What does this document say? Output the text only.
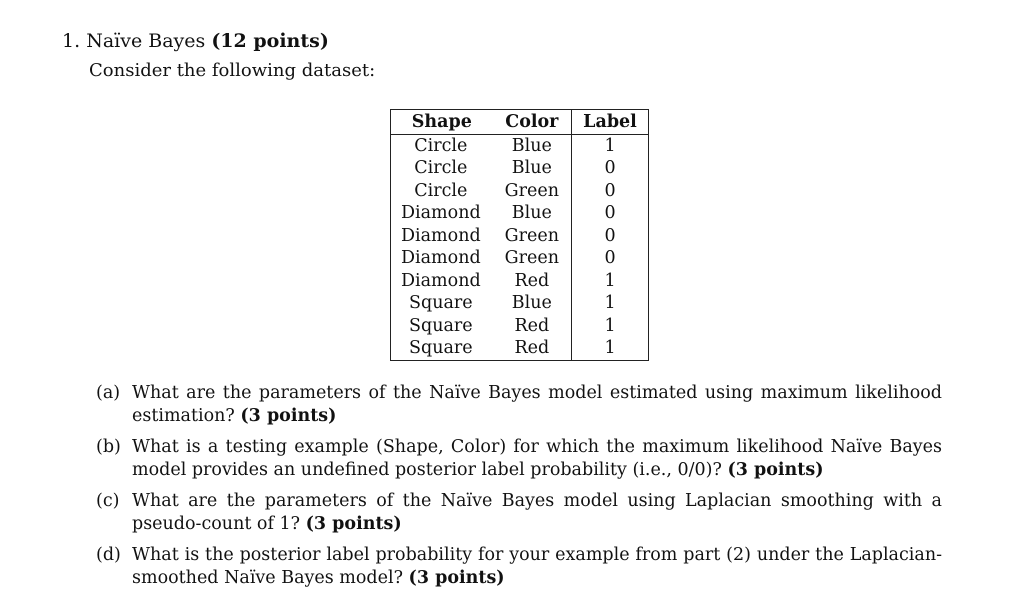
1. Naïve Bayes (12 points)
Consider the following dataset:
Shape	Color	Label
Circle	Blue	1
Circle	Blue	0
Circle	Green	0
Diamond	Blue	0
Diamond	Green	0
Diamond	Green	0
Diamond	Red	1
Square	Blue	1
Square	Red	1
Square	Red	1
(a) What are the parameters of the Naïve Bayes model estimated using maximum likelihood estimation? (3 points)
(b) What is a testing example (Shape, Color) for which the maximum likelihood Naïve Bayes model provides an undefined posterior label probability (i.e., 0/0)? (3 points)
(c) What are the parameters of the Naïve Bayes model using Laplacian smoothing with a pseudo-count of 1? (3 points)
(d) What is the posterior label probability for your example from part (2) under the Laplacian-smoothed Naïve Bayes model? (3 points)
